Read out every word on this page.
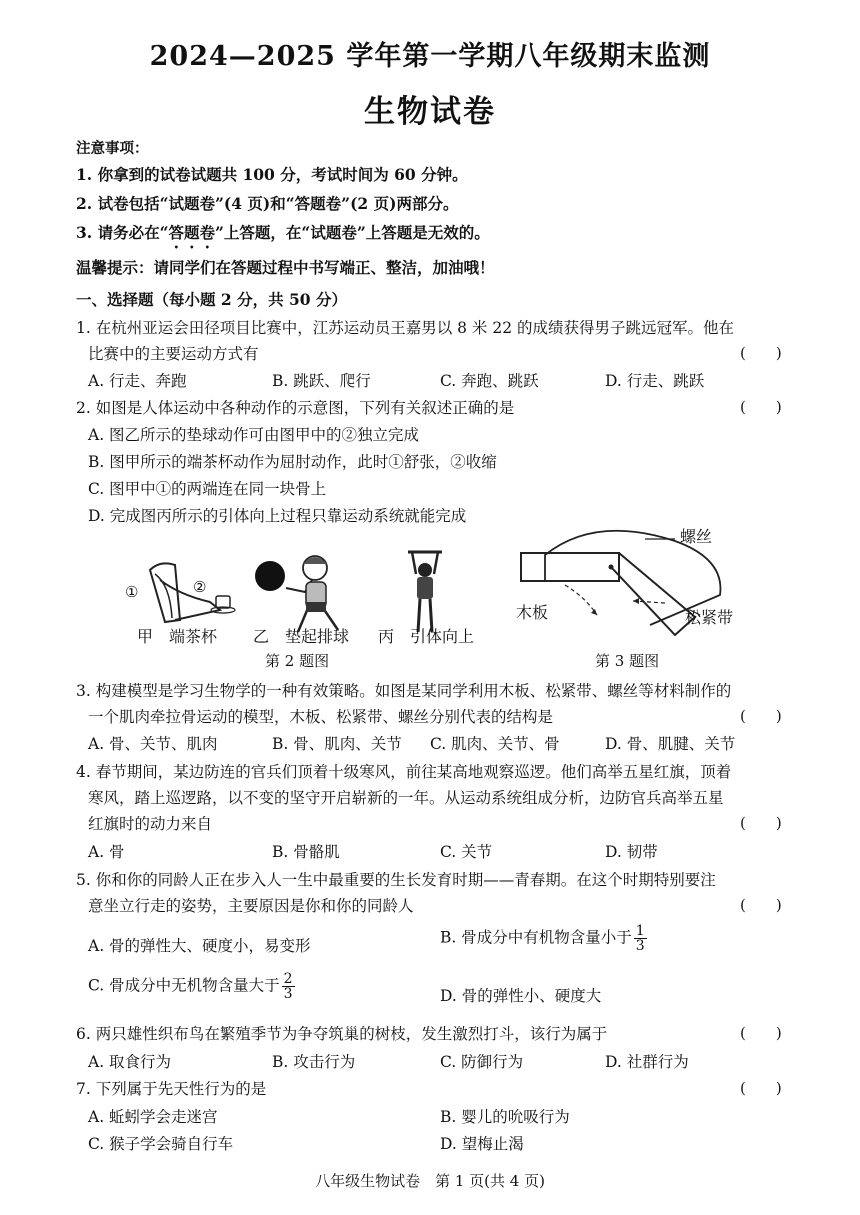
2024—2025 学年第一学期八年级期末监测
生物试卷
注意事项：
1. 你拿到的试卷试题共 100 分，考试时间为 60 分钟。
2. 试卷包括“试题卷”(4 页)和“答题卷”(2 页)两部分。
3. 请务必在“答题卷”上答题，在“试题卷”上答题是无效的。
温馨提示：请同学们在答题过程中书写端正、整洁，加油哦！
一、选择题（每小题 2 分，共 50 分）
1. 在杭州亚运会田径项目比赛中，江苏运动员王嘉男以 8 米 22 的成绩获得男子跳远冠军。他在
比赛中的主要运动方式有	(　　)
A. 行走、奔跑	B. 跳跃、爬行	C. 奔跑、跳跃	D. 行走、跳跃
2. 如图是人体运动中各种动作的示意图，下列有关叙述正确的是	(　　)
A. 图乙所示的垫球动作可由图甲中的②独立完成
B. 图甲所示的端茶杯动作为屈肘动作，此时①舒张，②收缩
C. 图甲中①的两端连在同一块骨上
D. 完成图丙所示的引体向上过程只靠运动系统就能完成
①	②
甲　端茶杯 乙　垫起排球 丙　引体向上
第 2 题图
螺丝
木板	松紧带
第 3 题图
3. 构建模型是学习生物学的一种有效策略。如图是某同学利用木板、松紧带、螺丝等材料制作的
一个肌肉牵拉骨运动的模型，木板、松紧带、螺丝分别代表的结构是	(　　)
A. 骨、关节、肌肉	B. 骨、肌肉、关节 C. 肌肉、关节、骨	D. 骨、肌腱、关节
4. 春节期间，某边防连的官兵们顶着十级寒风，前往某高地观察巡逻。他们高举五星红旗，顶着
寒风，踏上巡逻路，以不变的坚守开启崭新的一年。从运动系统组成分析，边防官兵高举五星
红旗时的动力来自	(　　)
A. 骨	B. 骨骼肌	C. 关节	D. 韧带
5. 你和你的同龄人正在步入人一生中最重要的生长发育时期——青春期。在这个时期特别要注
意坐立行走的姿势，主要原因是你和你的同龄人	(　　)
A. 骨的弹性大、硬度小，易变形	B. 骨成分中有机物含量小于 $\frac{1}{3}$
C. 骨成分中无机物含量大于 $\frac{2}{3}$	D. 骨的弹性小、硬度大
6. 两只雄性织布鸟在繁殖季节为争夺筑巢的树枝，发生激烈打斗，该行为属于	(　　)
A. 取食行为	B. 攻击行为	C. 防御行为	D. 社群行为
7. 下列属于先天性行为的是	(　　)
A. 蚯蚓学会走迷宫	B. 婴儿的吮吸行为
C. 猴子学会骑自行车	D. 望梅止渴
八年级生物试卷　第 1 页(共 4 页)
